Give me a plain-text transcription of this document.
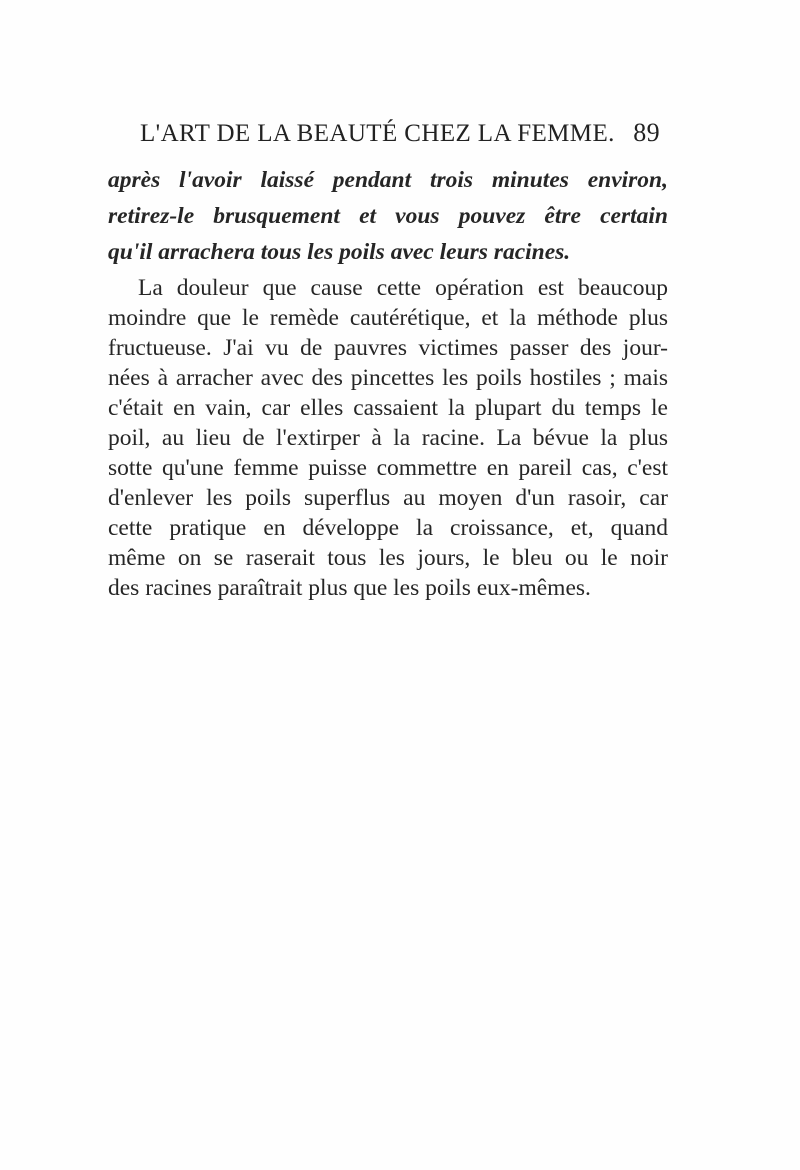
L'ART DE LA BEAUTÉ CHEZ LA FEMME. 89
après l'avoir laissé pendant trois minutes environ,
retirez-le brusquement et vous pouvez être certain
qu'il arrachera tous les poils avec leurs racines.
La douleur que cause cette opération est beaucoup
moindre que le remède cautérétique, et la méthode plus
fructueuse. J'ai vu de pauvres victimes passer des jour-
nées à arracher avec des pincettes les poils hostiles ; mais
c'était en vain, car elles cassaient la plupart du temps le
poil, au lieu de l'extirper à la racine. La bévue la plus
sotte qu'une femme puisse commettre en pareil cas, c'est
d'enlever les poils superflus au moyen d'un rasoir, car
cette pratique en développe la croissance, et, quand
même on se raserait tous les jours, le bleu ou le noir
des racines paraîtrait plus que les poils eux-mêmes.
